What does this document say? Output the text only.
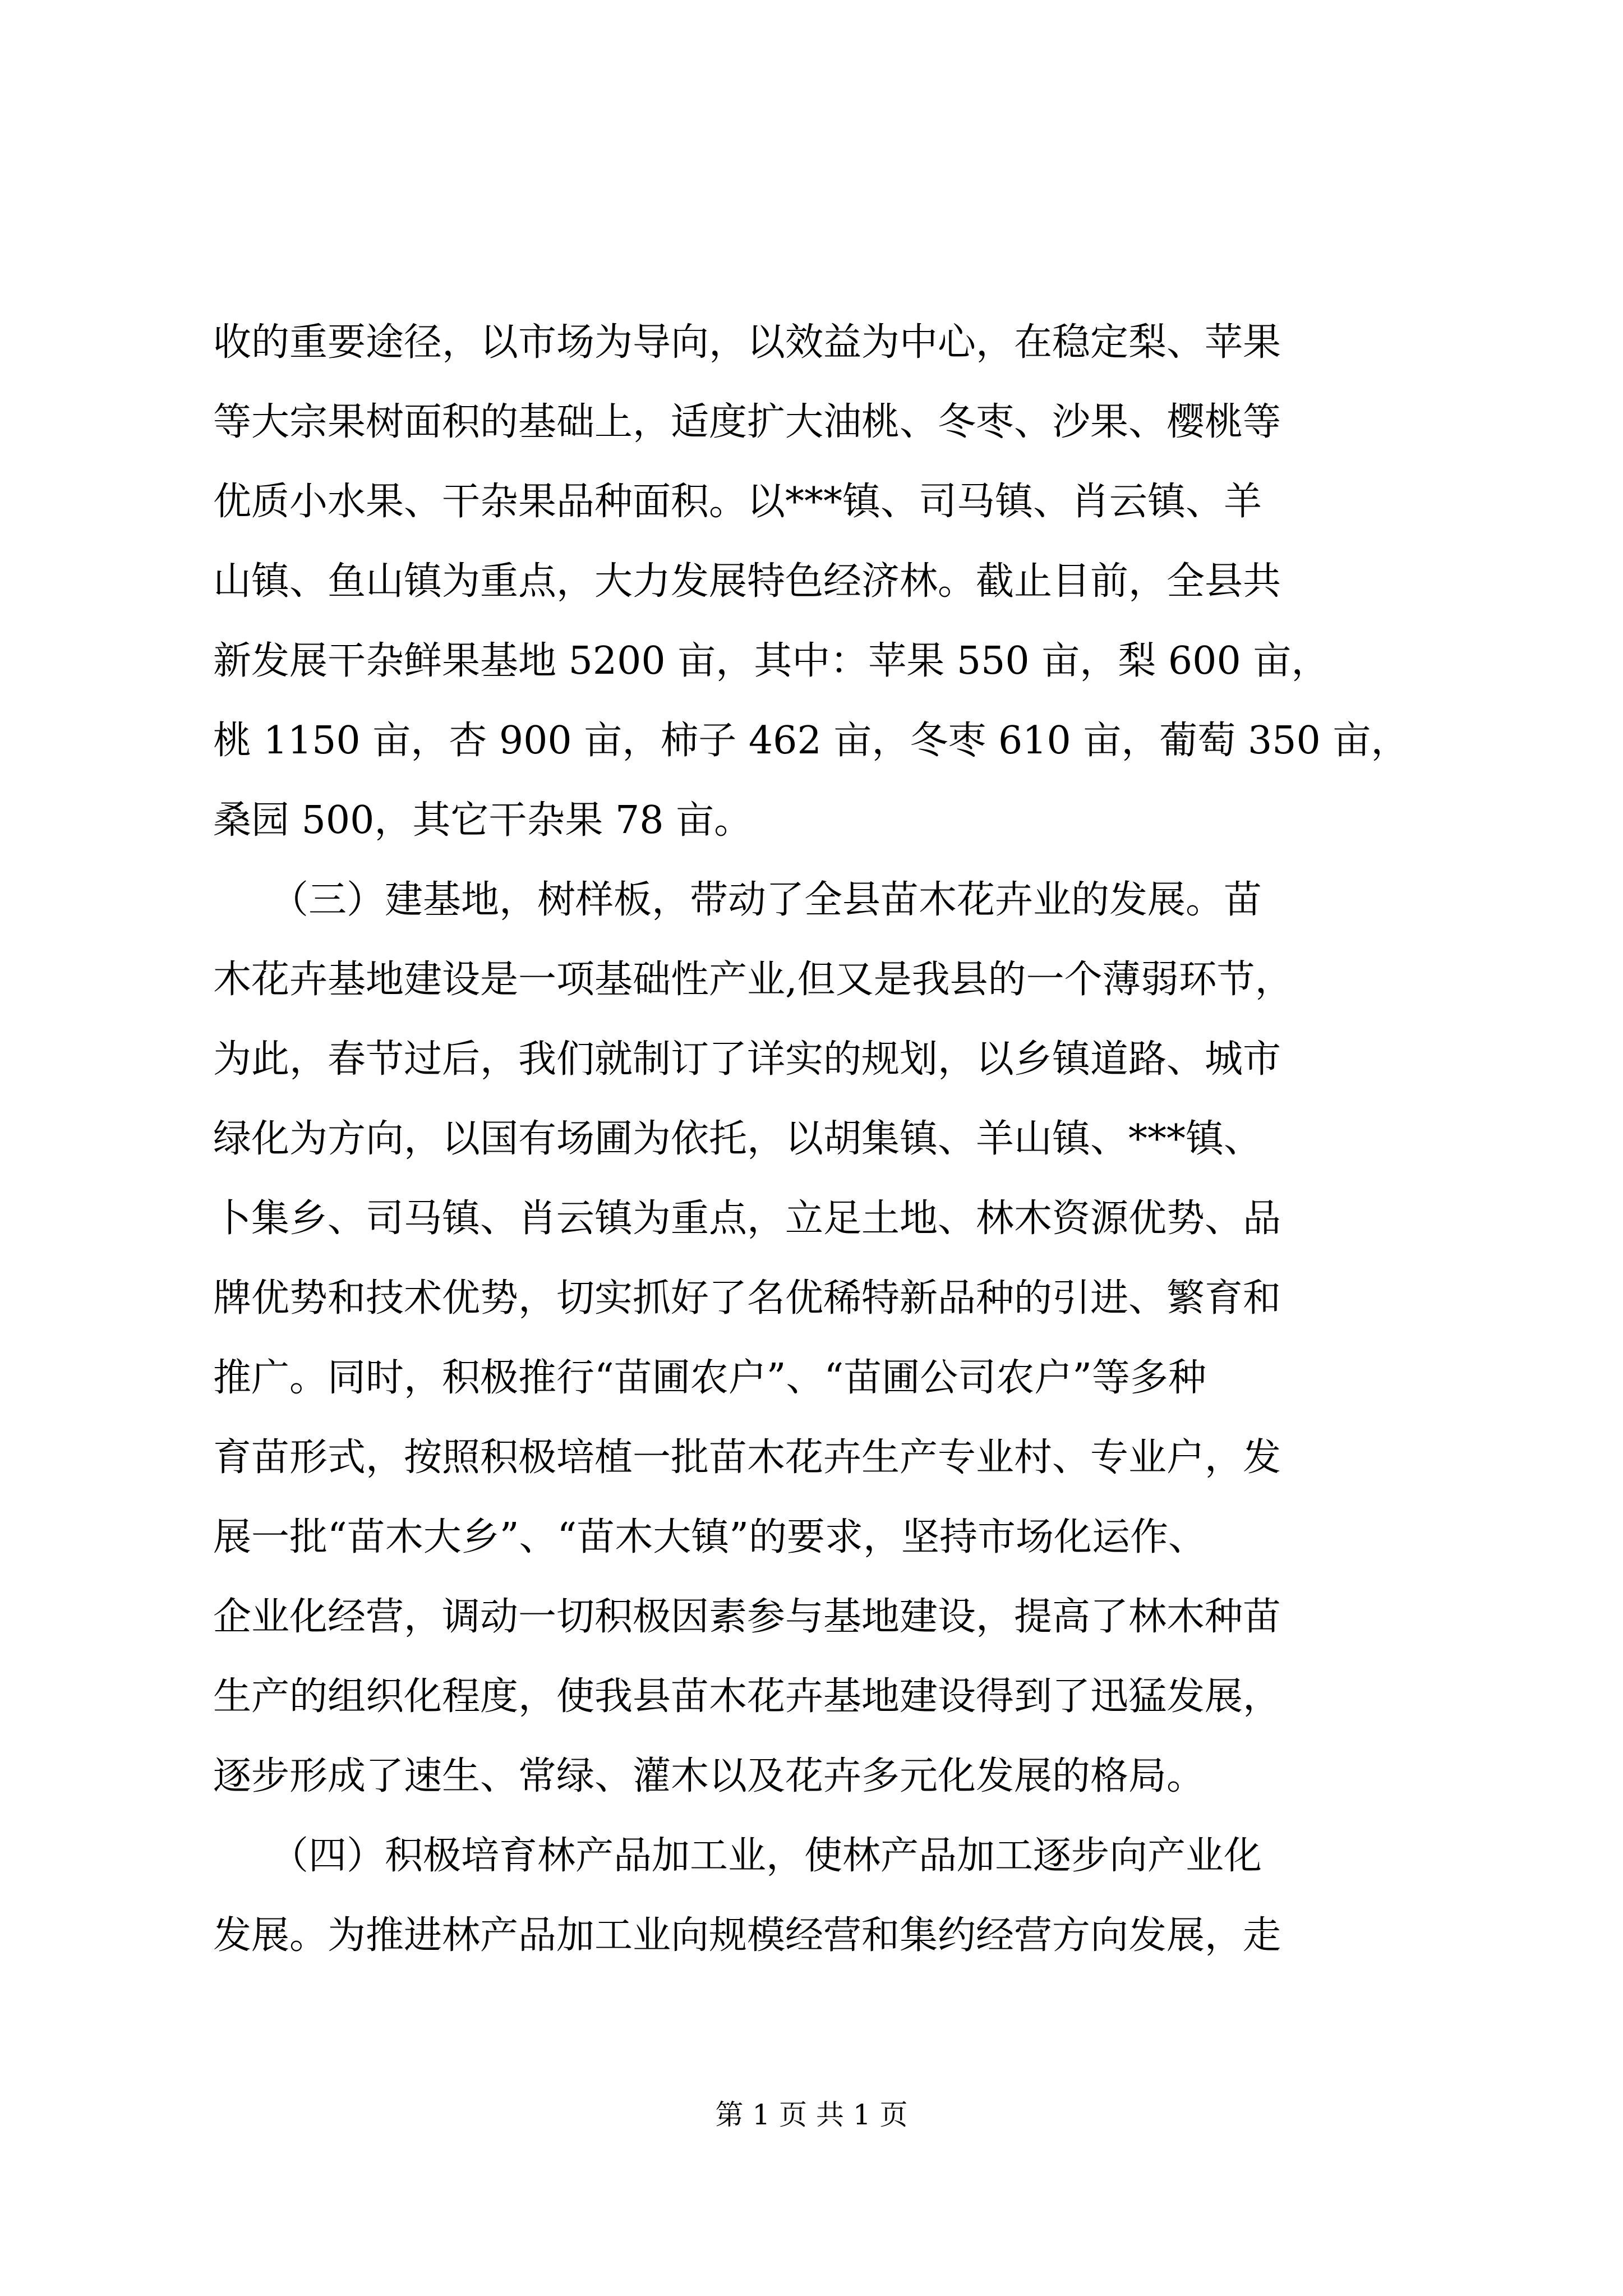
收的重要途径，以市场为导向，以效益为中心，在稳定梨、苹果
等大宗果树面积的基础上，适度扩大油桃、冬枣、沙果、樱桃等
优质小水果、干杂果品种面积。以***镇、司马镇、肖云镇、羊
山镇、鱼山镇为重点，大力发展特色经济林。截止目前，全县共
新发展干杂鲜果基地 5200 亩，其中：苹果 550 亩，梨 600 亩，
桃 1150 亩，杏 900 亩，柿子 462 亩，冬枣 610 亩，葡萄 350 亩，
桑园 500，其它干杂果 78 亩。
　　（三）建基地，树样板，带动了全县苗木花卉业的发展。苗
木花卉基地建设是一项基础性产业,但又是我县的一个薄弱环节，
为此，春节过后，我们就制订了详实的规划，以乡镇道路、城市
绿化为方向，以国有场圃为依托，以胡集镇、羊山镇、***镇、
卜集乡、司马镇、肖云镇为重点，立足土地、林木资源优势、品
牌优势和技术优势，切实抓好了名优稀特新品种的引进、繁育和
推广。同时，积极推行“苗圃农户”、“苗圃公司农户”等多种
育苗形式，按照积极培植一批苗木花卉生产专业村、专业户，发
展一批“苗木大乡”、“苗木大镇”的要求，坚持市场化运作、
企业化经营，调动一切积极因素参与基地建设，提高了林木种苗
生产的组织化程度，使我县苗木花卉基地建设得到了迅猛发展，
逐步形成了速生、常绿、灌木以及花卉多元化发展的格局。
　　（四）积极培育林产品加工业，使林产品加工逐步向产业化
发展。为推进林产品加工业向规模经营和集约经营方向发展，走
第 1 页 共 1 页
